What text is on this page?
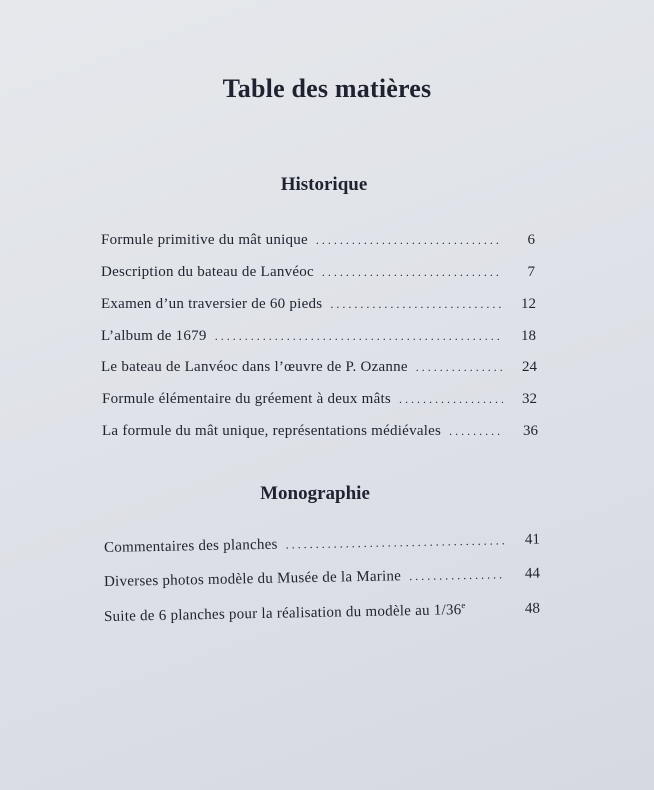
Table des matières
Historique
Monographie
Formule primitive du mât unique . . .	6
Description du bateau de Lanvéoc . . .	7
Examen d’un traversier de 60 pieds . . .	12
L’album de 1679 . . .	18
Le bateau de Lanvéoc dans l’œuvre de P. Ozanne . . .	24
Formule élémentaire du gréement à deux mâts . . .	32
La formule du mât unique, représentations médiévales . . .	36
Commentaires des planches . . .	41
Diverses photos modèle du Musée de la Marine . . .	44
Suite de 6 planches pour la réalisation du modèle au 1/36e	48
